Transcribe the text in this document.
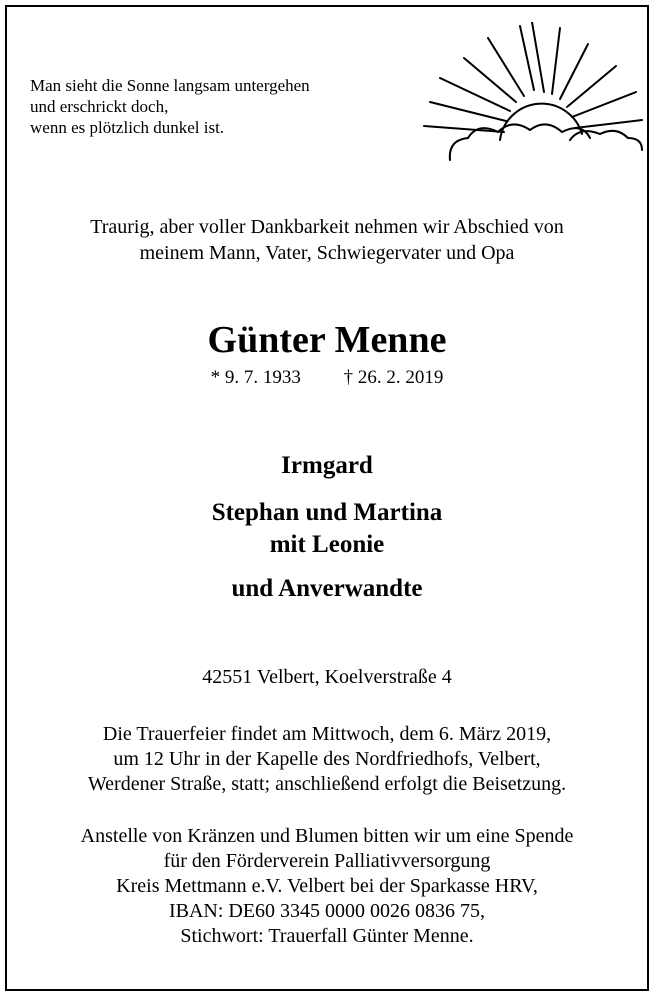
Man sieht die Sonne langsam untergehen
und erschrickt doch,
wenn es plötzlich dunkel ist.
Traurig, aber voller Dankbarkeit nehmen wir Abschied von
meinem Mann, Vater, Schwiegervater und Opa
Günter Menne
* 9. 7. 1933 † 26. 2. 2019
Irmgard
Stephan und Martina
mit Leonie
und Anverwandte
42551 Velbert, Koelverstraße 4
Die Trauerfeier findet am Mittwoch, dem 6. März 2019,
um 12 Uhr in der Kapelle des Nordfriedhofs, Velbert,
Werdener Straße, statt; anschließend erfolgt die Beisetzung.
Anstelle von Kränzen und Blumen bitten wir um eine Spende
für den Förderverein Palliativversorgung
Kreis Mettmann e.V. Velbert bei der Sparkasse HRV,
IBAN: DE60 3345 0000 0026 0836 75,
Stichwort: Trauerfall Günter Menne.
